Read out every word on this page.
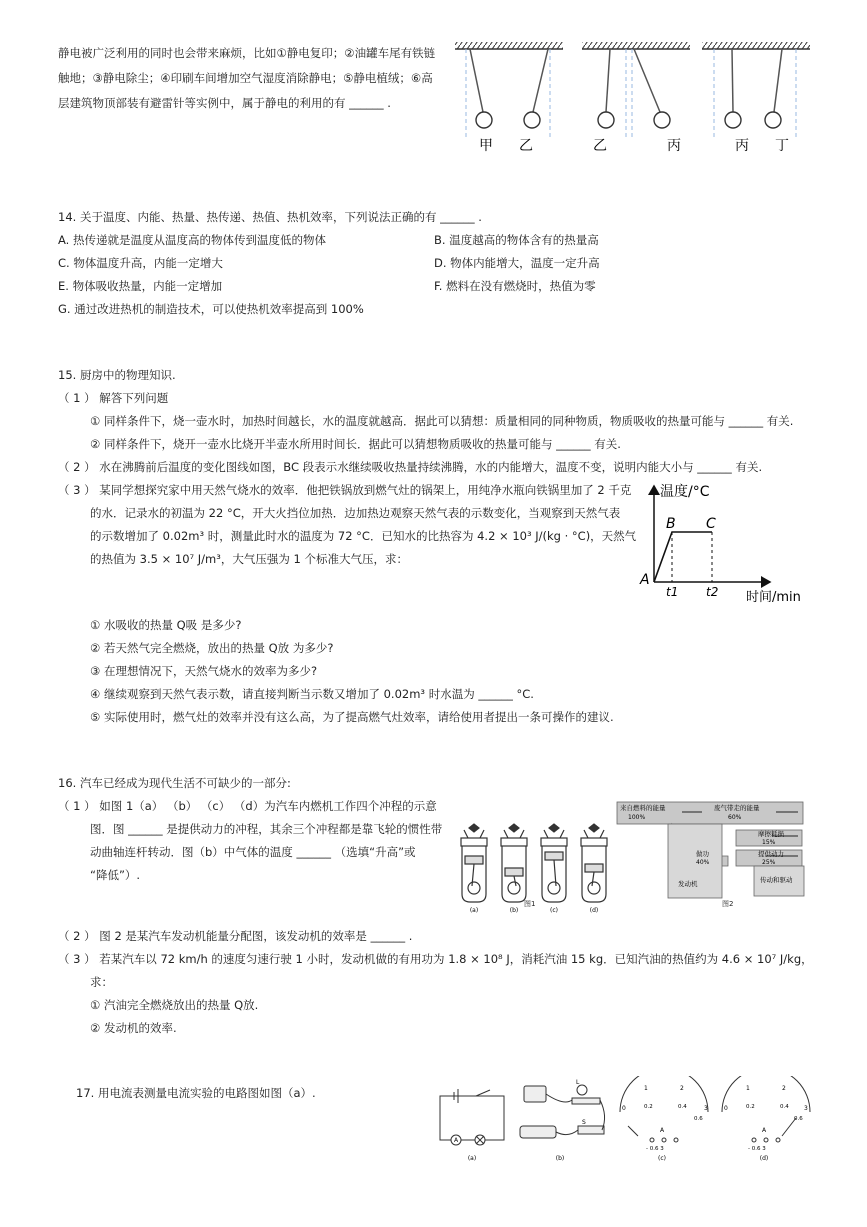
静电被广泛利用的同时也会带来麻烦，比如①静电复印；②油罐车尾有铁链
触地；③静电除尘；④印刷车间增加空气湿度消除静电；⑤静电植绒；⑥高
层建筑物顶部装有避雷针等实例中，属于静电的利用的有 ______ .
甲 乙	乙	丙	丙 丁
14. 关于温度、内能、热量、热传递、热值、热机效率，下列说法正确的有 ______ .
A. 热传递就是温度从温度高的物体传到温度低的物体	B. 温度越高的物体含有的热量高
C. 物体温度升高，内能一定增大	D. 物体内能增大，温度一定升高
E. 物体吸收热量，内能一定增加	F. 燃料在没有燃烧时，热值为零
G. 通过改进热机的制造技术，可以使热机效率提高到 100%
15. 厨房中的物理知识.
（ 1 ） 解答下列问题
① 同样条件下，烧一壶水时，加热时间越长，水的温度就越高．据此可以猜想：质量相同的同种物质，物质吸收的热量可能与 ______ 有关.
② 同样条件下，烧开一壶水比烧开半壶水所用时间长．据此可以猜想物质吸收的热量可能与 ______ 有关.
（ 2 ） 水在沸腾前后温度的变化图线如图，BC 段表示水继续吸收热量持续沸腾，水的内能增大，温度不变，说明内能大小与 ______ 有关.
（ 3 ） 某同学想探究家中用天然气烧水的效率．他把铁锅放到燃气灶的锅架上，用纯净水瓶向铁锅里加了 2 千克
的水．记录水的初温为 22 °C，开大火挡位加热．边加热边观察天然气表的示数变化，当观察到天然气表
的示数增加了 0.02m³ 时，测量此时水的温度为 72 °C．已知水的比热容为 4.2 × 10³ J/(kg · °C)，天然气
的热值为 3.5 × 10⁷ J/m³，大气压强为 1 个标准大气压，求：
温度/°C
时间/min
A
B C
t1 t2
① 水吸收的热量 Q吸 是多少?
② 若天然气完全燃烧，放出的热量 Q放 为多少?
③ 在理想情况下，天然气烧水的效率为多少?
④ 继续观察到天然气表示数，请直接判断当示数又增加了 0.02m³ 时水温为 ______ °C.
⑤ 实际使用时，燃气灶的效率并没有这么高，为了提高燃气灶效率，请给使用者提出一条可操作的建议.
16. 汽车已经成为现代生活不可缺少的一部分:
（ 1 ） 如图 1（a） （b） （c） （d）为汽车内燃机工作四个冲程的示意
图．图 ______ 是提供动力的冲程，其余三个冲程都是靠飞轮的惯性带
动曲轴连杆转动．图（b）中气体的温度 ______ （选填“升高”或
“降低”）.
(a)	(b)	(c)	(d)
图1
来自燃料的能量
100%
废气带走的能量
60%
摩擦耗损
15%
做功
40%
提供动力
25%
发动机	传动和驱动
图2
（ 2 ） 图 2 是某汽车发动机能量分配图，该发动机的效率是 ______ .
（ 3 ） 若某汽车以 72 km/h 的速度匀速行驶 1 小时，发动机做的有用功为 1.8 × 10⁸ J，消耗汽油 15 kg．已知汽油的热值约为 4.6 × 10⁷ J/kg，
求：
① 汽油完全燃烧放出的热量 Q放.
② 发动机的效率.
17. 用电流表测量电流实验的电路图如图（a）.
A
(a)
L
S
(b)
0
1	2
3
0.2	0.4
0.6
A
- 0.6 3
(c)
0
1	2
3
0.2	0.4
0.6
A
- 0.6 3
(d)
